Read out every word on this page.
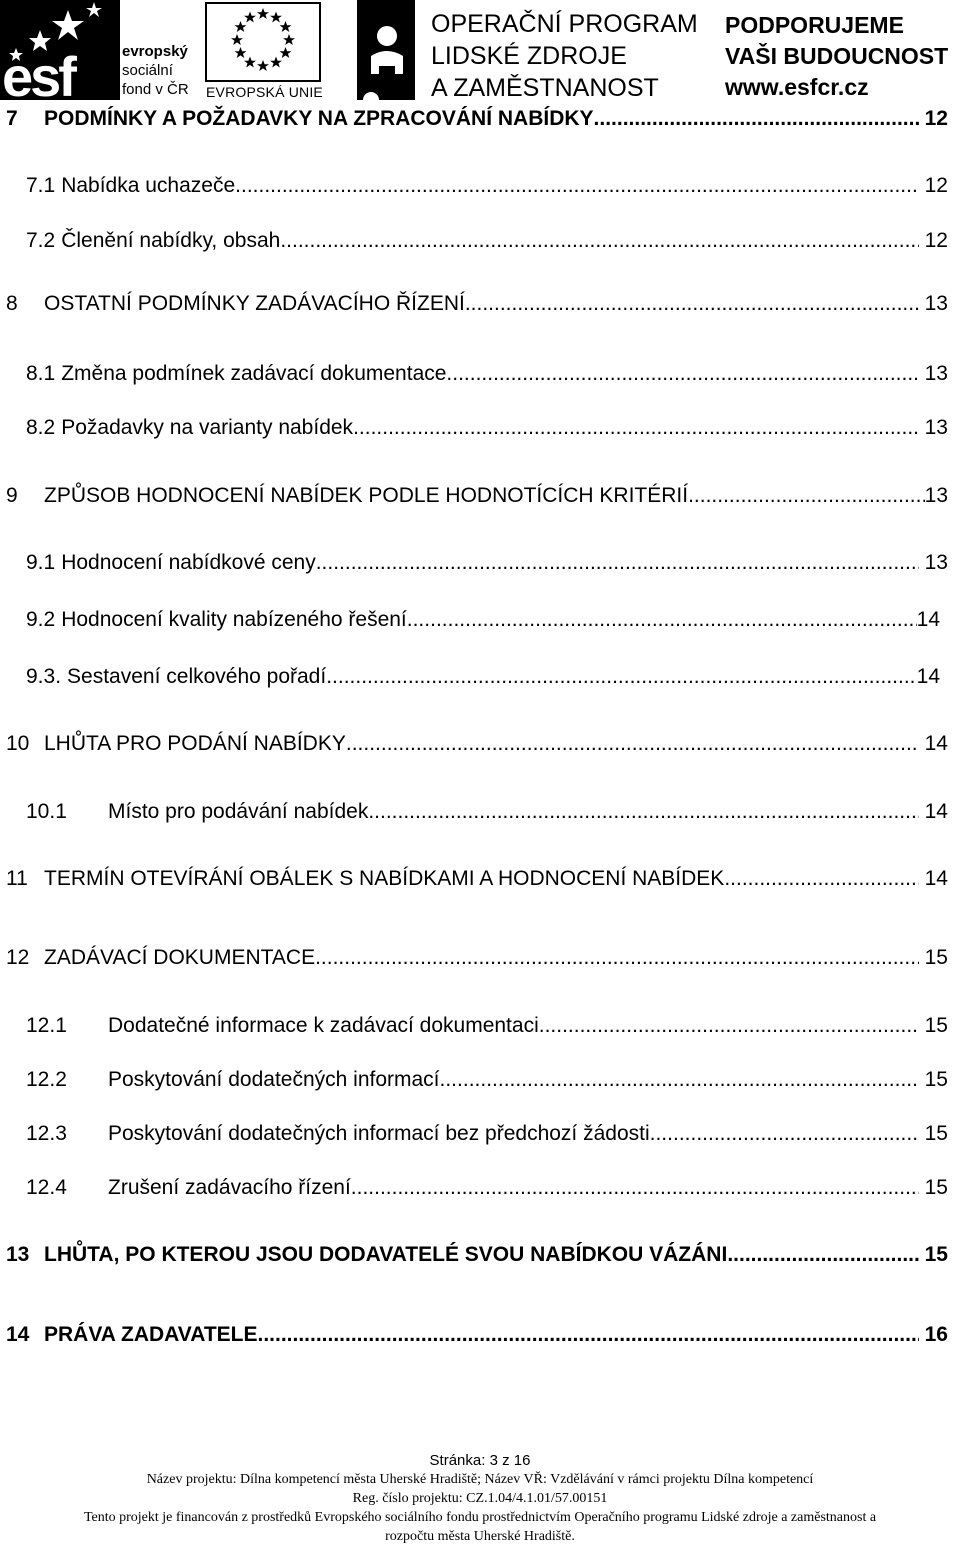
esf	evropský
sociální
fond v ČR EVROPSKÁ UNIE
OPERAČNÍ PROGRAM
LIDSKÉ ZDROJE
A ZAMĚSTNANOST
PODPORUJEME
VAŠI BUDOUCNOST
www.esfcr.cz
7	PODMÍNKY A POŽADAVKY NA ZPRACOVÁNÍ NABÍDKY .....	12
7.1 Nabídka uchazeče .....	12
7.2 Členění nabídky, obsah .....	12
8	OSTATNÍ PODMÍNKY ZADÁVACÍHO ŘÍZENÍ .....	13
8.1 Změna podmínek zadávací dokumentace .....	13
8.2 Požadavky na varianty nabídek .....	13
9	ZPŮSOB HODNOCENÍ NABÍDEK PODLE HODNOTÍCÍCH KRITÉRIÍ .....	13
9.1 Hodnocení nabídkové ceny .....	13
9.2 Hodnocení kvality nabízeného řešení .....	14
9.3. Sestavení celkového pořadí .....	14
10 LHŮTA PRO PODÁNÍ NABÍDKY .....	14
10.1	Místo pro podávání nabídek .....	14
11 TERMÍN OTEVÍRÁNÍ OBÁLEK S NABÍDKAMI A HODNOCENÍ NABÍDEK .....	14
12 ZADÁVACÍ DOKUMENTACE .....	15
12.1	Dodatečné informace k zadávací dokumentaci .....	15
12.2	Poskytování dodatečných informací .....	15
12.3	Poskytování dodatečných informací bez předchozí žádosti .....	15
12.4	Zrušení zadávacího řízení .....	15
13 LHŮTA, PO KTEROU JSOU DODAVATELÉ SVOU NABÍDKOU VÁZÁNI .....	15
14 PRÁVA ZADAVATELE .....	16
Stránka: 3 z 16
Název projektu: Dílna kompetencí města Uherské Hradiště; Název VŘ: Vzdělávání v rámci projektu Dílna kompetencí
Reg. číslo projektu: CZ.1.04/4.1.01/57.00151
Tento projekt je financován z prostředků Evropského sociálního fondu prostřednictvím Operačního programu Lidské zdroje a zaměstnanost a
rozpočtu města Uherské Hradiště.
